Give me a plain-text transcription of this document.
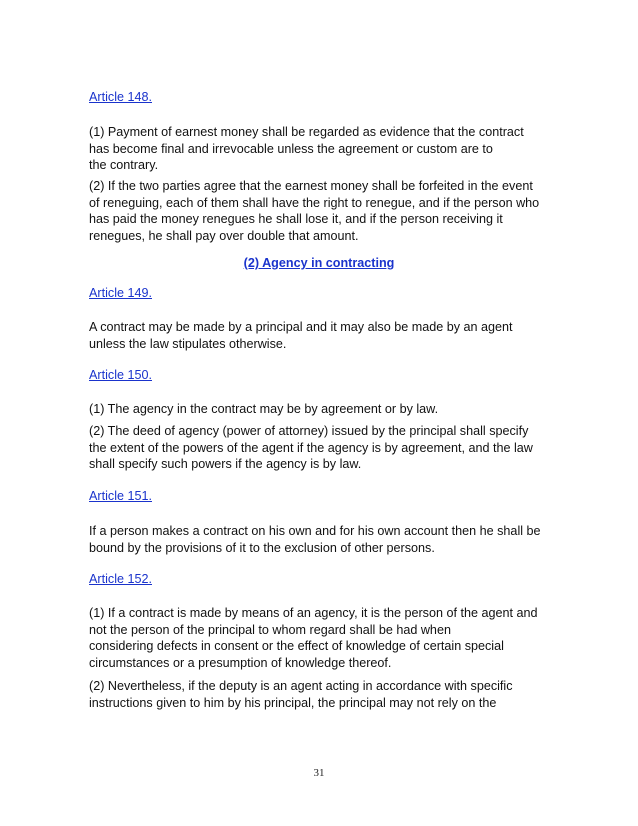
Article 148.
(1) Payment of earnest money shall be regarded as evidence that the contract
has become final and irrevocable unless the agreement or custom are to
the contrary.
(2) If the two parties agree that the earnest money shall be forfeited in the event
of reneguing, each of them shall have the right to renegue, and if the person who
has paid the money renegues he shall lose it, and if the person receiving it
renegues, he shall pay over double that amount.
(2) Agency in contracting
Article 149.
A contract may be made by a principal and it may also be made by an agent
unless the law stipulates otherwise.
Article 150.
(1) The agency in the contract may be by agreement or by law.
(2) The deed of agency (power of attorney) issued by the principal shall specify
the extent of the powers of the agent if the agency is by agreement, and the law
shall specify such powers if the agency is by law.
Article 151.
If a person makes a contract on his own and for his own account then he shall be
bound by the provisions of it to the exclusion of other persons.
Article 152.
(1) If a contract is made by means of an agency, it is the person of the agent and
not the person of the principal to whom regard shall be had when
considering defects in consent or the effect of knowledge of certain special
circumstances or a presumption of knowledge thereof.
(2) Nevertheless, if the deputy is an agent acting in accordance with specific
instructions given to him by his principal, the principal may not rely on the
31
